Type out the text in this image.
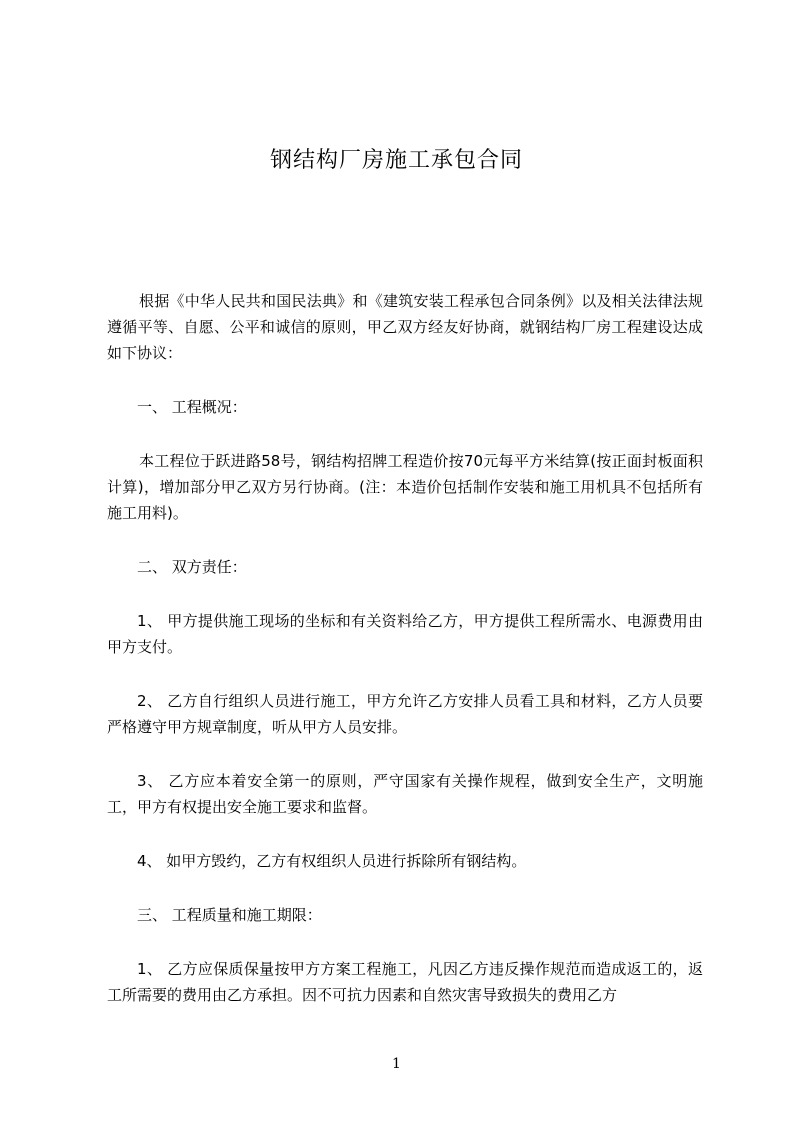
钢结构厂房施工承包合同

根据《中华人民共和国民法典》和《建筑安装工程承包合同条例》以及相关法律法规遵循平等、自愿、公平和诚信的原则，甲乙双方经友好协商，就钢结构厂房工程建设达成如下协议：

一、 工程概况：

本工程位于跃进路58号，钢结构招牌工程造价按70元每平方米结算(按正面封板面积计算)，增加部分甲乙双方另行协商。(注：本造价包括制作安装和施工用机具不包括所有施工用料)。

二、 双方责任：

1、 甲方提供施工现场的坐标和有关资料给乙方，甲方提供工程所需水、电源费用由甲方支付。

2、 乙方自行组织人员进行施工，甲方允许乙方安排人员看工具和材料，乙方人员要严格遵守甲方规章制度，听从甲方人员安排。

3、 乙方应本着安全第一的原则，严守国家有关操作规程，做到安全生产，文明施工，甲方有权提出安全施工要求和监督。

4、 如甲方毁约，乙方有权组织人员进行拆除所有钢结构。

三、 工程质量和施工期限：

1、 乙方应保质保量按甲方方案工程施工，凡因乙方违反操作规范而造成返工的，返工所需要的费用由乙方承担。因不可抗力因素和自然灾害导致损失的费用乙方

1
